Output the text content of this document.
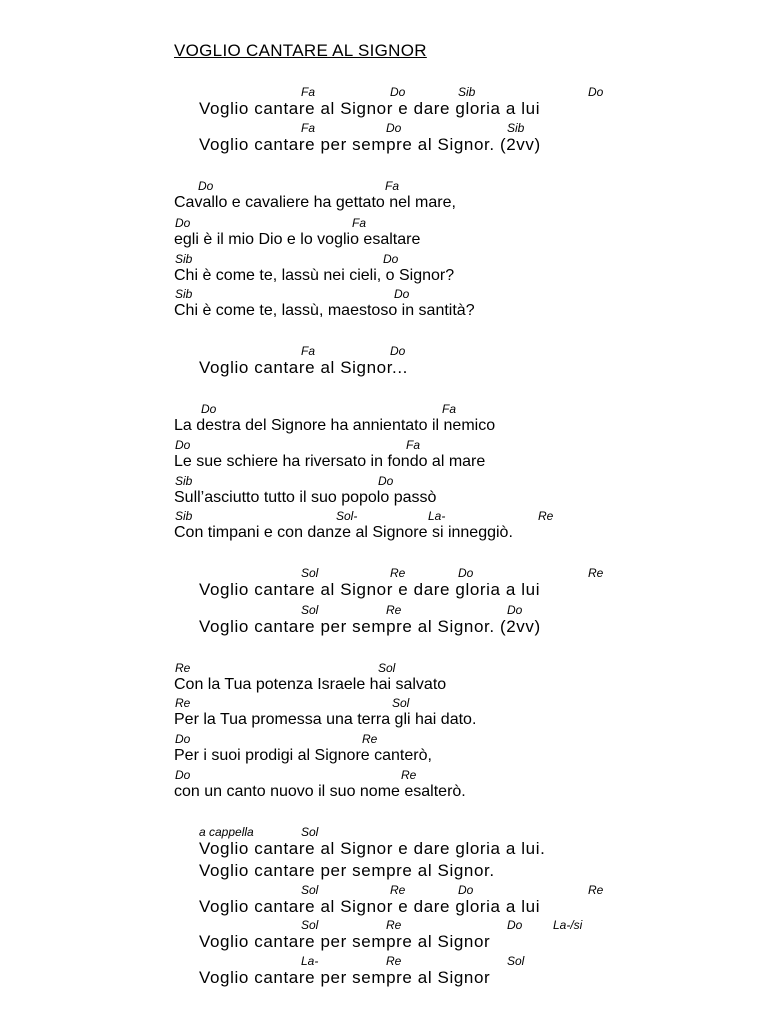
VOGLIO CANTARE AL SIGNOR
Voglio cantare al Signor e dare gloria a lui
Fa	Do	Sib	Do
Voglio cantare per sempre al Signor. (2vv)
Fa	Do	Sib
Cavallo e cavaliere ha gettato nel mare,
Do	Fa
egli è il mio Dio e lo voglio esaltare
Do	Fa
Chi è come te, lassù nei cieli, o Signor?
Sib	Do
Chi è come te, lassù, maestoso in santità?
Sib	Do
Voglio cantare al Signor...
Fa	Do
La destra del Signore ha annientato il nemico
Do	Fa
Le sue schiere ha riversato in fondo al mare
Do	Fa
Sull’asciutto tutto il suo popolo passò
Sib	Do
Con timpani e con danze al Signore si inneggiò.
Sib	Sol-	La-	Re
Voglio cantare al Signor e dare gloria a lui
Sol	Re	Do	Re
Voglio cantare per sempre al Signor. (2vv)
Sol	Re	Do
Con la Tua potenza Israele hai salvato
Re	Sol
Per la Tua promessa una terra gli hai dato.
Re	Sol
Per i suoi prodigi al Signore canterò,
Do	Re
con un canto nuovo il suo nome esalterò.
Do	Re
Voglio cantare al Signor e dare gloria a lui.
a cappella	Sol
Voglio cantare per sempre al Signor.
Voglio cantare al Signor e dare gloria a lui
Sol	Re	Do	Re
Voglio cantare per sempre al Signor
Sol	Re	Do	La-/si
Voglio cantare per sempre al Signor
La-	Re	Sol
